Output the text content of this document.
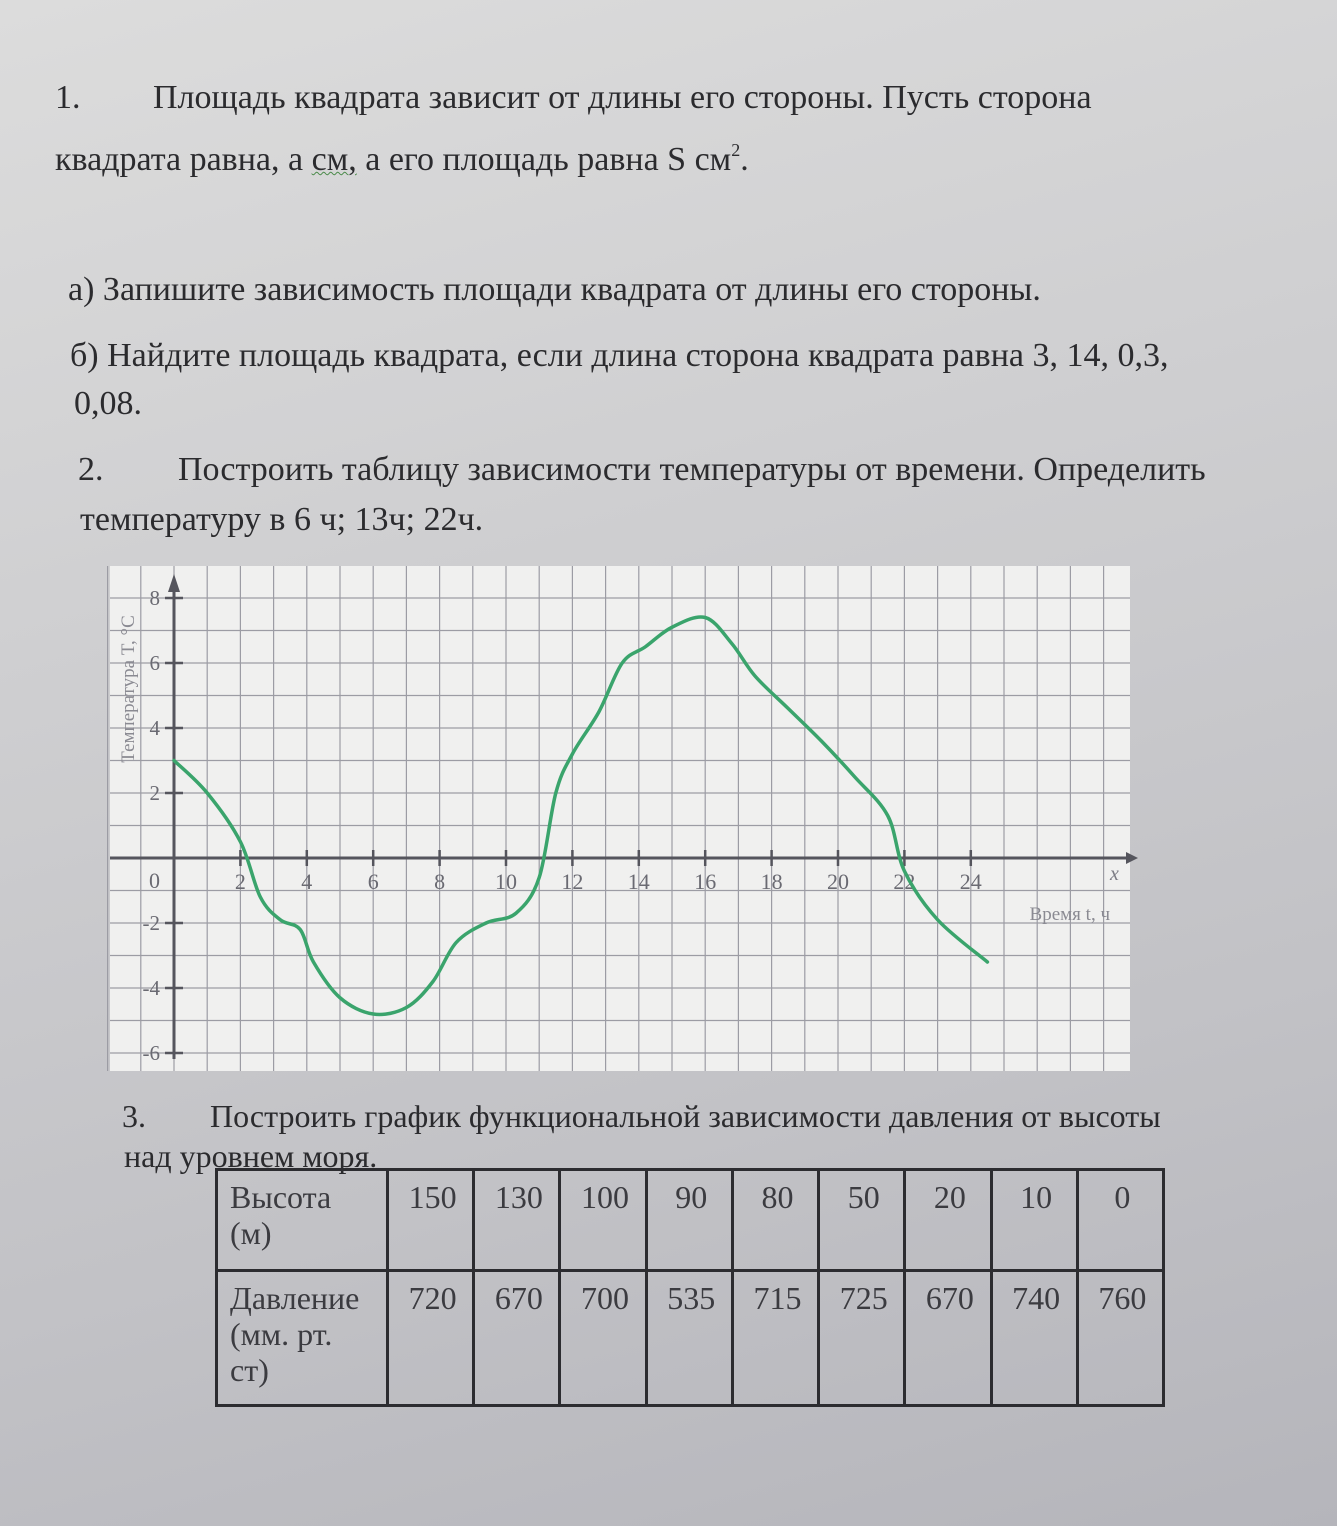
1. Площадь квадрата зависит от длины его стороны. Пусть сторона
квадрата равна, а см, а его площадь равна S $см^2$.
а) Запишите зависимость площади квадрата от длины его стороны.
б) Найдите площадь квадрата, если длина сторона квадрата равна 3, 14, 0,3,
0,08.
2. Построить таблицу зависимости температуры от времени. Определить
температуру в 6 ч; 13ч; 22ч.
2	4	6	8 10 12 14 16 18 20 22 24
-6
-4
-2
2
4
6
8
0	x
Время t, ч
Температура T, °C
3. Построить график функциональной зависимости давления от высоты
над уровнем моря.
Высота
(м)	150	130	100	90	80	50	20	10	0

Давление
(мм. рт.
ст)	720	670	700	535	715	725	670	740	760
